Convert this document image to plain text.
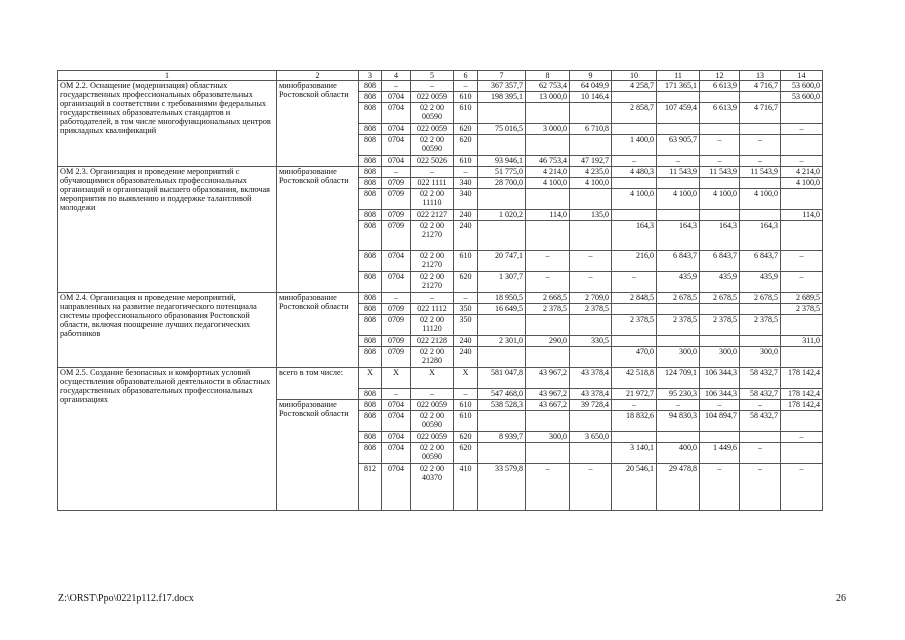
1	2	3	4	5	6	7	8	9	10	11	12	13	14
ОМ 2.2. Оснащение (модернизация) областных государственных профессиональных образовательных организаций в соответствии с требованиями федеральных государственных образовательных стандартов и работодателей, в том числе многофункциональных центров прикладных квалификаций	минобразование Ростовской области	808	–	–	–	367 357,7	62 753,4	64 049,9	4 258,7	171 365,1	6 613,9	4 716,7	53 600,0
		808	0704	022 0059	610	198 395,1	13 000,0	10 146,4					53 600,0
		808	0704	02 2 00 00590	610				2 858,7	107 459,4	6 613,9	4 716,7	
		808	0704	022 0059	620	75 016,5	3 000,0	6 710,8					–
		808	0704	02 2 00 00590	620				1 400,0	63 905,7	–	–	
		808	0704	022 5026	610	93 946,1	46 753,4	47 192,7	–	–	–	–	–
ОМ 2.3. Организация и проведение мероприятий с обучающимися образовательных профессиональных организаций и организаций высшего образования, включая мероприятия по выявлению и поддержке талантливой молодежи	минобразование Ростовской области	808	–	–	–	51 775,0	4 214,0	4 235,0	4 480,3	11 543,9	11 543,9	11 543,9	4 214,0
		808	0709	022 1111	340	28 700,0	4 100,0	4 100,0					4 100,0
		808	0709	02 2 00 11110	340				4 100,0	4 100,0	4 100,0	4 100,0	
		808	0709	022 2127	240	1 020,2	114,0	135,0					114,0
		808	0709	02 2 00 21270	240				164,3	164,3	164,3	164,3	
		808	0704	02 2 00 21270	610	20 747,1	–	–	216,0	6 843,7	6 843,7	6 843,7	–
		808	0704	02 2 00 21270	620	1 307,7	–	–	–	435,9	435,9	435,9	–
ОМ 2.4. Организация и проведение мероприятий, направленных на развитие педагогического потенциала системы профессионального образования Ростовской области, включая поощрение лучших педагогических работников	минобразование Ростовской области	808	–	–	–	18 950,5	2 668,5	2 709,0	2 848,5	2 678,5	2 678,5	2 678,5	2 689,5
		808	0709	022 1112	350	16 649,5	2 378,5	2 378,5					2 378,5
		808	0709	02 2 00 11120	350				2 378,5	2 378,5	2 378,5	2 378,5	
		808	0709	022 2128	240	2 301,0	290,0	330,5					311,0
		808	0709	02 2 00 21280	240				470,0	300,0	300,0	300,0	
ОМ 2.5. Создание безопасных и комфортных условий осуществления образовательной деятельности в областных государственных образовательных профессиональных организациях	всего в том числе:	X	X	X	X	581 047,8	43 967,2	43 378,4	42 518,8	124 709,1	106 344,3	58 432,7	178 142,4
		808	–	–	–	547 468,0	43 967,2	43 378,4	21 972,7	95 230,3	106 344,3	58 432,7	178 142,4
	минобразование Ростовской области	808	0704	022 0059	610	538 528,3	43 667,2	39 728,4	–	–	–	–	178 142,4
		808	0704	02 2 00 00590	610				18 832,6	94 830,3	104 894,7	58 432,7	
		808	0704	022 0059	620	8 939,7	300,0	3 650,0					–
		808	0704	02 2 00 00590	620				3 140,1	400,0	1 449,6	–	
		812	0704	02 2 00 40370	410	33 579,8	–	–	20 546,1	29 478,8	–	–	–
Z:\ORST\Ppo\0221p112.f17.docx	26
